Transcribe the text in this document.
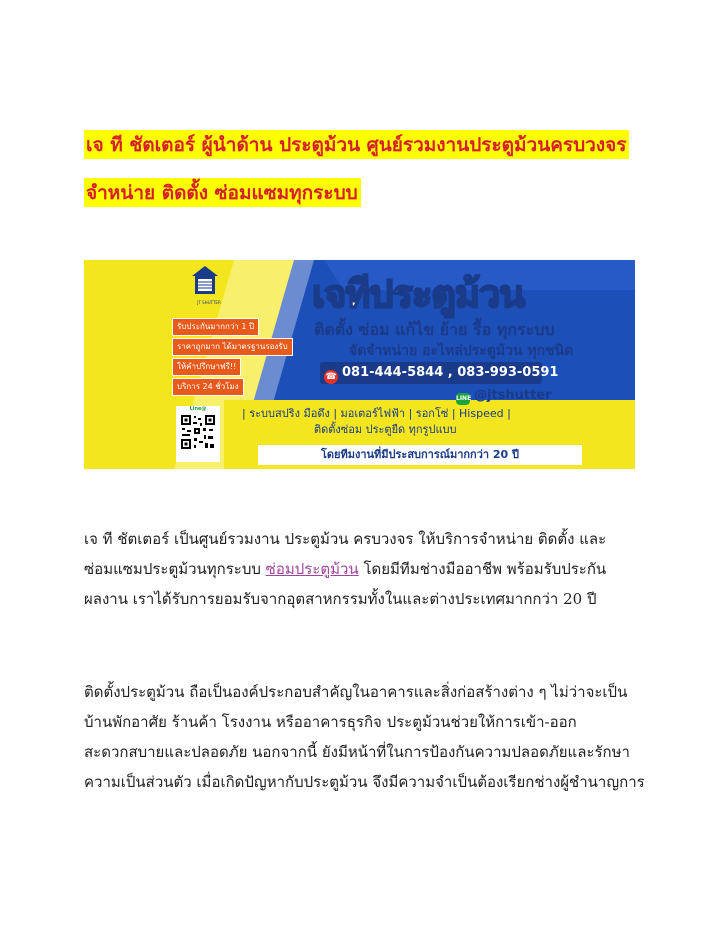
เจ ที ชัตเตอร์ ผู้นำด้าน ประตูม้วน ศูนย์รวมงานประตูม้วนครบวงจร
จำหน่าย ติดตั้ง ซ่อมแซมทุกระบบ
JT SHUTTER
รับประกันมากกว่า 1 ปี
ราคาถูกมาก ได้มาตรฐานรองรับ
ให้คำปรึกษาฟรี!!
บริการ 24 ชั่วโมง
Line@
เจทีประตูม้วน
ติดตั้ง ซ่อม แก้ไข ย้าย รื้อ ทุกระบบ
จัดจำหน่าย อะไหล่ประตูม้วน ทุกชนิด
☎ 081-444-5844 , 083-993-0591
LINE @jtshutter
| ระบบสปริง มือดึง | มอเตอร์ไฟฟ้า | รอกโซ่ | Hispeed |
ติดตั้งซ่อม ประตูยืด ทุกรูปแบบ
โดยทีมงานที่มีประสบการณ์มากกว่า 20 ปี

เจ ที ชัตเตอร์ เป็นศูนย์รวมงาน ประตูม้วน ครบวงจร ให้บริการจำหน่าย ติดตั้ง และ
ซ่อมแซมประตูม้วนทุกระบบ ซ่อมประตูม้วน โดยมีทีมช่างมืออาชีพ พร้อมรับประกัน
ผลงาน เราได้รับการยอมรับจากอุตสาหกรรมทั้งในและต่างประเทศมากกว่า 20 ปี

ติดตั้งประตูม้วน ถือเป็นองค์ประกอบสำคัญในอาคารและสิ่งก่อสร้างต่าง ๆ ไม่ว่าจะเป็น
บ้านพักอาศัย ร้านค้า โรงงาน หรืออาคารธุรกิจ ประตูม้วนช่วยให้การเข้า-ออก
สะดวกสบายและปลอดภัย นอกจากนี้ ยังมีหน้าที่ในการป้องกันความปลอดภัยและรักษา
ความเป็นส่วนตัว เมื่อเกิดปัญหากับประตูม้วน จึงมีความจำเป็นต้องเรียกช่างผู้ชำนาญการ
